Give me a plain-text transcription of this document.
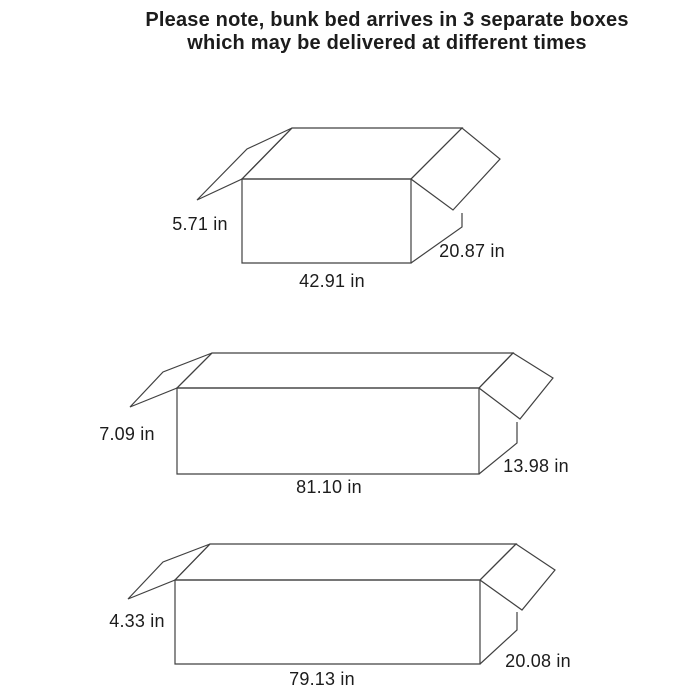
Please note, bunk bed arrives in 3 separate boxes
which may be delivered at different times
5.71 in
42.91 in
20.87 in
7.09 in
81.10 in
13.98 in
4.33 in
79.13 in
20.08 in
